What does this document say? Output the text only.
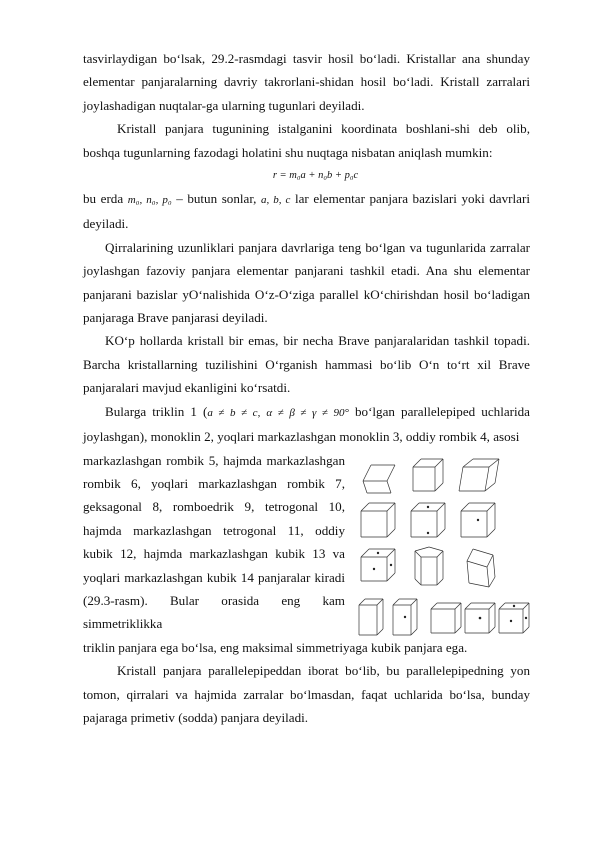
tasvirlaydigan bo‘lsak, 29.2-rasmdagi tasvir hosil bo‘ladi. Kristallar ana shunday elementar panjaralarning davriy takrorlani-shidan hosil bo‘ladi. Kristall zarralari joylashadigan nuqtalar-ga ularning tugunlari deyiladi.

Kristall panjara tugunining istalganini koordinata boshlani-shi deb olib, boshqa tugunlarning fazodagi holatini shu nuqtaga nisbatan aniqlash mumkin:

r = m₀a + n₀b + p₀c

bu erda m₀, n₀, p₀ – butun sonlar, a, b, c lar elementar panjara bazislari yoki davrlari deyiladi.

Qirralarining uzunliklari panjara davrlariga teng bo‘lgan va tugunlarida zarralar joylashgan fazoviy panjara elementar panjarani tashkil etadi. Ana shu elementar panjarani bazislar yO‘nalishida O‘z-O‘ziga parallel kO‘chirishdan hosil bo‘ladigan panjaraga Brave panjarasi deyiladi.

KO‘p hollarda kristall bir emas, bir necha Brave panjaralaridan tashkil topadi. Barcha kristallarning tuzilishini O‘rganish hammasi bo‘lib O‘n to‘rt xil Brave panjaralari mavjud ekanligini ko‘rsatdi.

Bularga triklin 1 (a ≠ b ≠ c, α ≠ β ≠ γ ≠ 90° bo‘lgan parallelepiped uchlarida joylashgan), monoklin 2, yoqlari markazlashgan monoklin 3, oddiy rombik 4, asosi

markazlashgan rombik 5, hajmda markazlashgan rombik 6, yoqlari markazlashgan rombik 7, geksagonal 8, romboedrik 9, tetrogonal 10, hajmda markazlashgan tetrogonal 11, oddiy kubik 12, hajmda markazlashgan kubik 13 va yoqlari markazlashgan kubik 14 panjaralar kiradi (29.3-rasm). Bular orasida eng kam simmetriklikka

triklin panjara ega bo‘lsa, eng maksimal simmetriyaga kubik panjara ega.

Kristall panjara parallelepipeddan iborat bo‘lib, bu parallelepipedning yon tomon, qirralari va hajmida zarralar bo‘lmasdan, faqat uchlarida bo‘lsa, bunday pajaraga primetiv (sodda) panjara deyiladi.
